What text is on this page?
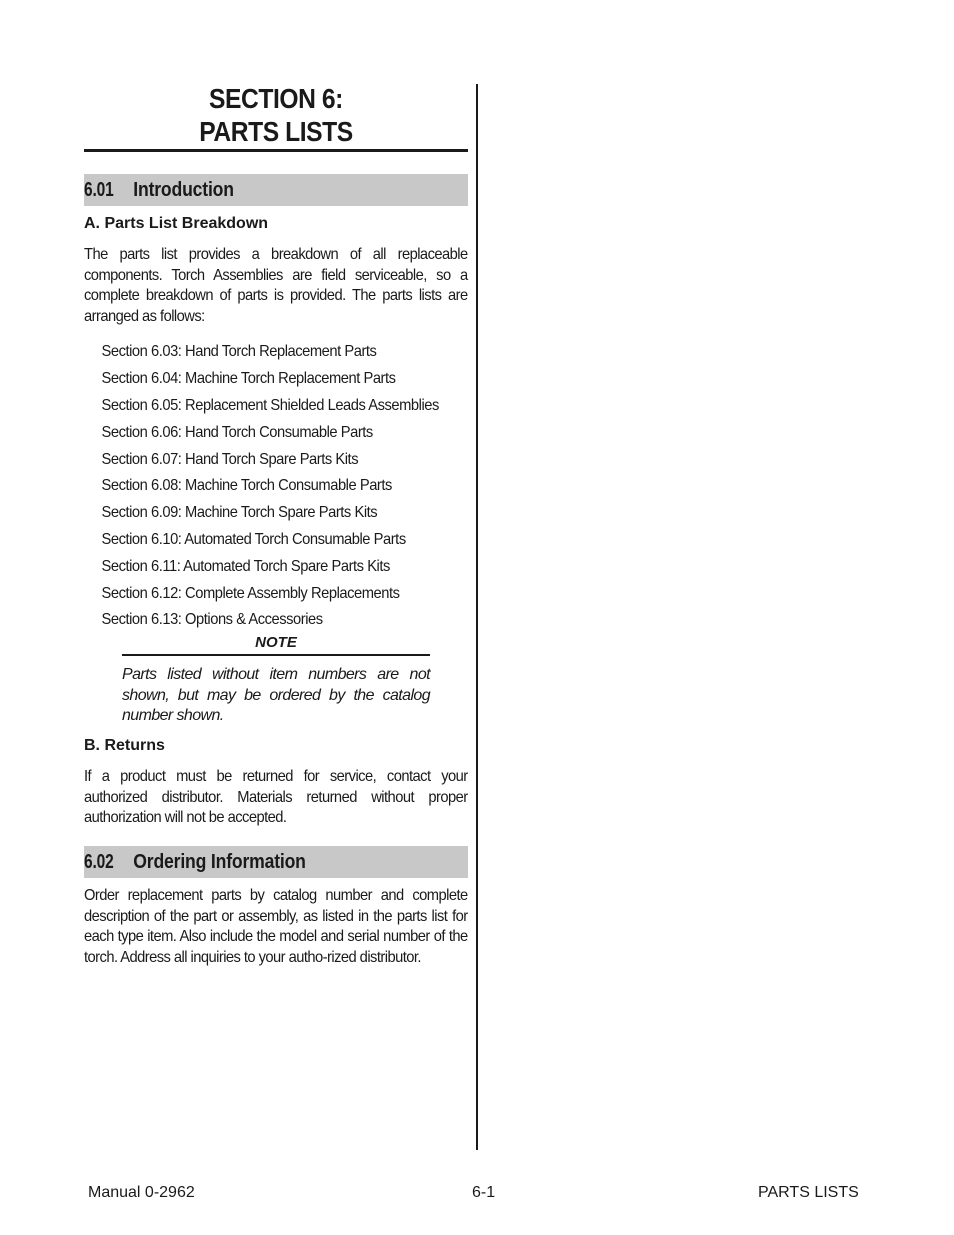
SECTION 6:
PARTS LISTS
6.01 Introduction
A. Parts List Breakdown

The parts list provides a breakdown of all replaceable components. Torch Assemblies are field serviceable, so a complete breakdown of parts is provided. The parts lists are arranged as follows:

Section 6.03: Hand Torch Replacement Parts
Section 6.04: Machine Torch Replacement Parts
Section 6.05: Replacement Shielded Leads Assemblies
Section 6.06: Hand Torch Consumable Parts
Section 6.07: Hand Torch Spare Parts Kits
Section 6.08: Machine Torch Consumable Parts
Section 6.09: Machine Torch Spare Parts Kits
Section 6.10: Automated Torch Consumable Parts
Section 6.11: Automated Torch Spare Parts Kits
Section 6.12: Complete Assembly Replacements
Section 6.13: Options & Accessories
NOTE
Parts listed without item numbers are not shown, but may be ordered by the catalog number shown.
B. Returns

If a product must be returned for service, contact your authorized distributor. Materials returned without proper authorization will not be accepted.

6.02 Ordering Information

Order replacement parts by catalog number and complete description of the part or assembly, as listed in the parts list for each type item. Also include the model and serial number of the torch. Address all inquiries to your autho-rized distributor.

Manual 0-2962	6-1	PARTS LISTS
